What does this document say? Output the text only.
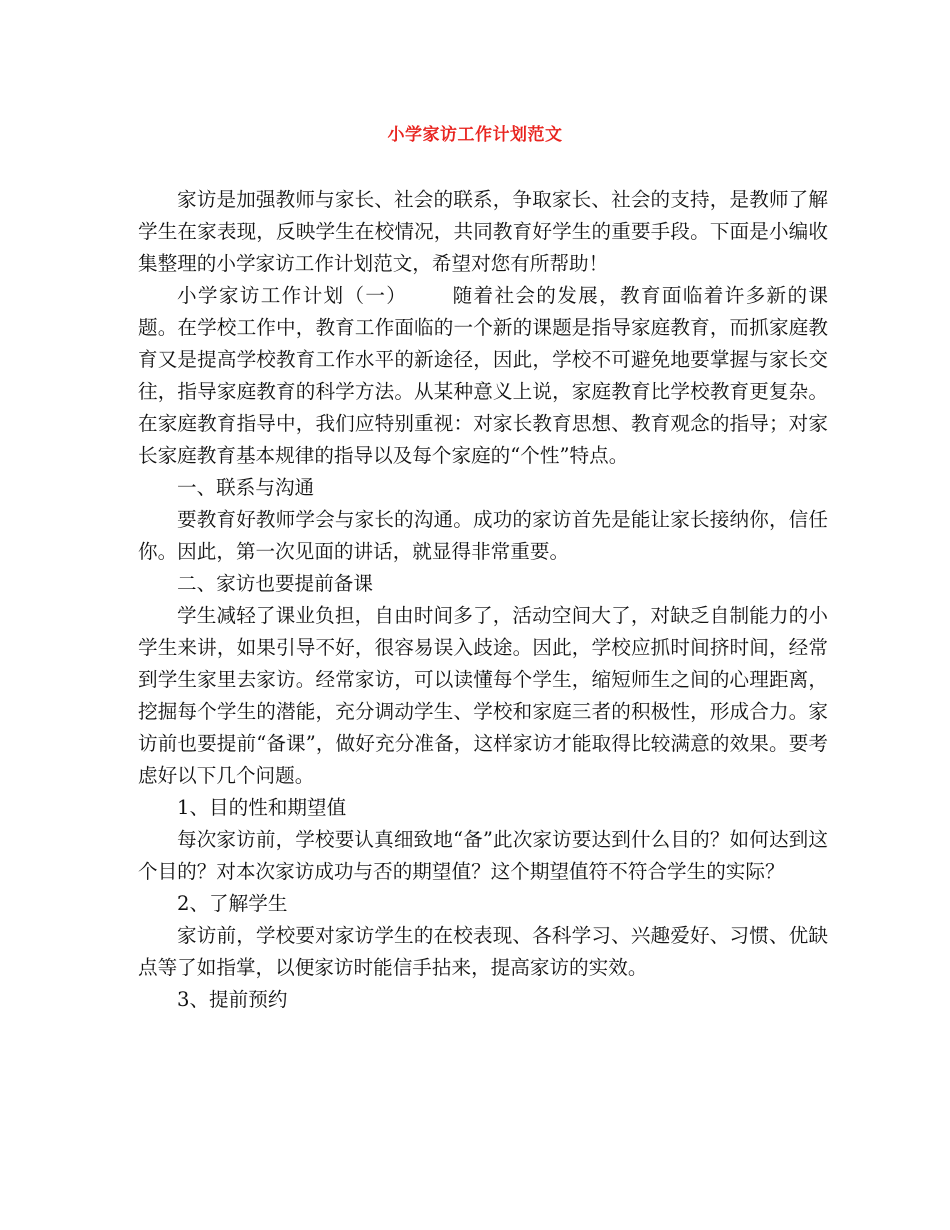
小学家访工作计划范文

家访是加强教师与家长、社会的联系，争取家长、社会的支持，是教师了解学生在家表现，反映学生在校情况，共同教育好学生的重要手段。下面是小编收集整理的小学家访工作计划范文，希望对您有所帮助！

小学家访工作计划（一） 随着社会的发展，教育面临着许多新的课题。在学校工作中，教育工作面临的一个新的课题是指导家庭教育，而抓家庭教育又是提高学校教育工作水平的新途径，因此，学校不可避免地要掌握与家长交往，指导家庭教育的科学方法。从某种意义上说，家庭教育比学校教育更复杂。在家庭教育指导中，我们应特别重视：对家长教育思想、教育观念的指导；对家长家庭教育基本规律的指导以及每个家庭的“个性”特点。

一、联系与沟通

要教育好教师学会与家长的沟通。成功的家访首先是能让家长接纳你，信任你。因此，第一次见面的讲话，就显得非常重要。

二、家访也要提前备课

学生减轻了课业负担，自由时间多了，活动空间大了，对缺乏自制能力的小学生来讲，如果引导不好，很容易误入歧途。因此，学校应抓时间挤时间，经常到学生家里去家访。经常家访，可以读懂每个学生，缩短师生之间的心理距离，挖掘每个学生的潜能，充分调动学生、学校和家庭三者的积极性，形成合力。家访前也要提前“备课”，做好充分准备，这样家访才能取得比较满意的效果。要考虑好以下几个问题。

1、目的性和期望值

每次家访前，学校要认真细致地“备”此次家访要达到什么目的？如何达到这个目的？对本次家访成功与否的期望值？这个期望值符不符合学生的实际？

2、了解学生

家访前，学校要对家访学生的在校表现、各科学习、兴趣爱好、习惯、优缺点等了如指掌，以便家访时能信手拈来，提高家访的实效。

3、提前预约
